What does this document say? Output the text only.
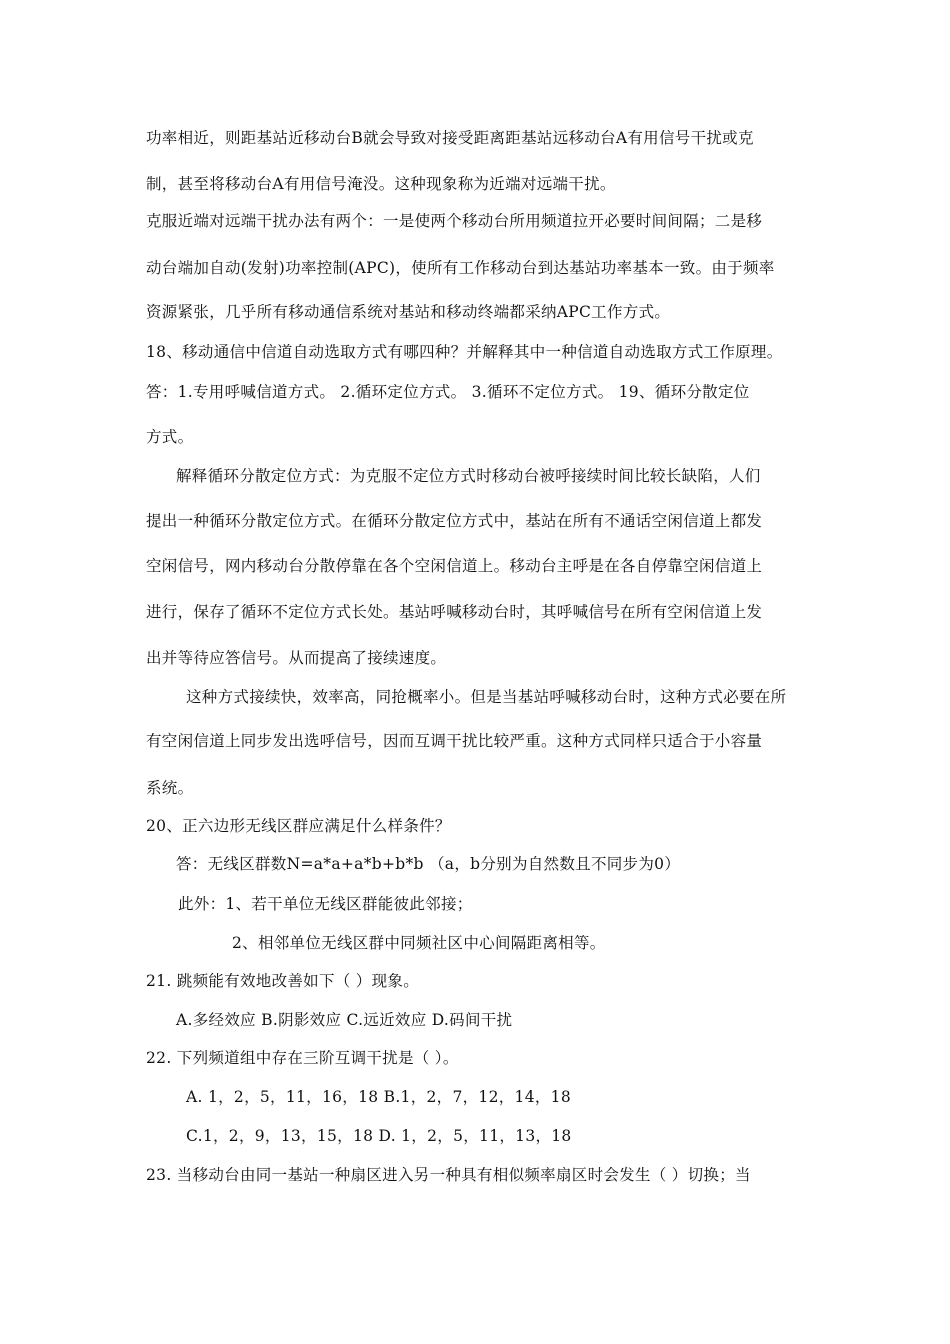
功率相近，则距基站近移动台B就会导致对接受距离距基站远移动台A有用信号干扰或克
制，甚至将移动台A有用信号淹没。这种现象称为近端对远端干扰。
克服近端对远端干扰办法有两个：一是使两个移动台所用频道拉开必要时间间隔；二是移
动台端加自动(发射)功率控制(APC)，使所有工作移动台到达基站功率基本一致。由于频率
资源紧张，几乎所有移动通信系统对基站和移动终端都采纳APC工作方式。
18、移动通信中信道自动选取方式有哪四种？并解释其中一种信道自动选取方式工作原理。
答：1.专用呼喊信道方式。 2.循环定位方式。 3.循环不定位方式。 19、循环分散定位
方式。
解释循环分散定位方式：为克服不定位方式时移动台被呼接续时间比较长缺陷，人们
提出一种循环分散定位方式。在循环分散定位方式中，基站在所有不通话空闲信道上都发
空闲信号，网内移动台分散停靠在各个空闲信道上。移动台主呼是在各自停靠空闲信道上
进行，保存了循环不定位方式长处。基站呼喊移动台时，其呼喊信号在所有空闲信道上发
出并等待应答信号。从而提高了接续速度。
这种方式接续快，效率高，同抢概率小。但是当基站呼喊移动台时，这种方式必要在所
有空闲信道上同步发出选呼信号，因而互调干扰比较严重。这种方式同样只适合于小容量
系统。
20、正六边形无线区群应满足什么样条件？
答：无线区群数N=a*a+a*b+b*b （a，b分别为自然数且不同步为0）
此外：1、若干单位无线区群能彼此邻接；
2、相邻单位无线区群中同频社区中心间隔距离相等。
21. 跳频能有效地改善如下（ ）现象。
A.多经效应 B.阴影效应 C.远近效应 D.码间干扰
22. 下列频道组中存在三阶互调干扰是（ ）。
A. 1，2，5，11，16，18 B.1，2，7，12，14，18
C.1，2，9，13，15，18 D. 1，2，5，11，13，18
23. 当移动台由同一基站一种扇区进入另一种具有相似频率扇区时会发生（ ）切换；当
